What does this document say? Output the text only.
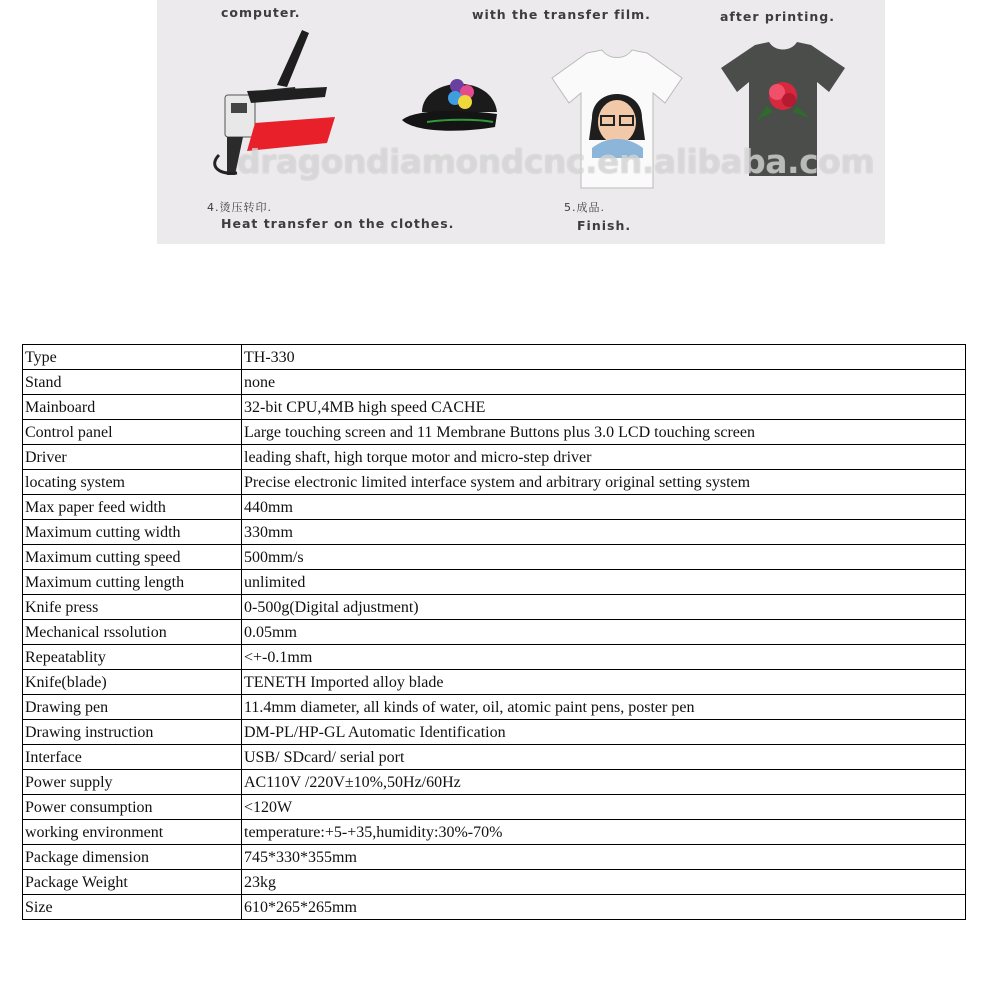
computer.	with the transfer film.	after printing.
dragondiamondcnc.en.alibaba.com
4.烫压转印.
Heat transfer on the clothes.
5.成品.
Finish.
Type	TH-330
Stand	none
Mainboard	32-bit CPU,4MB high speed CACHE
Control panel	Large touching screen and 11 Membrane Buttons plus 3.0 LCD touching screen
Driver	leading shaft, high torque motor and micro-step driver
locating system	Precise electronic limited interface system and arbitrary original setting system
Max paper feed width	440mm
Maximum cutting width	330mm
Maximum cutting speed	500mm/s
Maximum cutting length	unlimited
Knife press	0-500g(Digital adjustment)
Mechanical rssolution	0.05mm
Repeatablity	<+-0.1mm
Knife(blade)	TENETH Imported alloy blade
Drawing pen	11.4mm diameter, all kinds of water, oil, atomic paint pens, poster pen
Drawing instruction	DM-PL/HP-GL Automatic Identification
Interface	USB/ SDcard/ serial port
Power supply	AC110V /220V±10%,50Hz/60Hz
Power consumption	<120W
working environment	temperature:+5-+35,humidity:30%-70%
Package dimension	745*330*355mm
Package Weight	23kg
Size	610*265*265mm
